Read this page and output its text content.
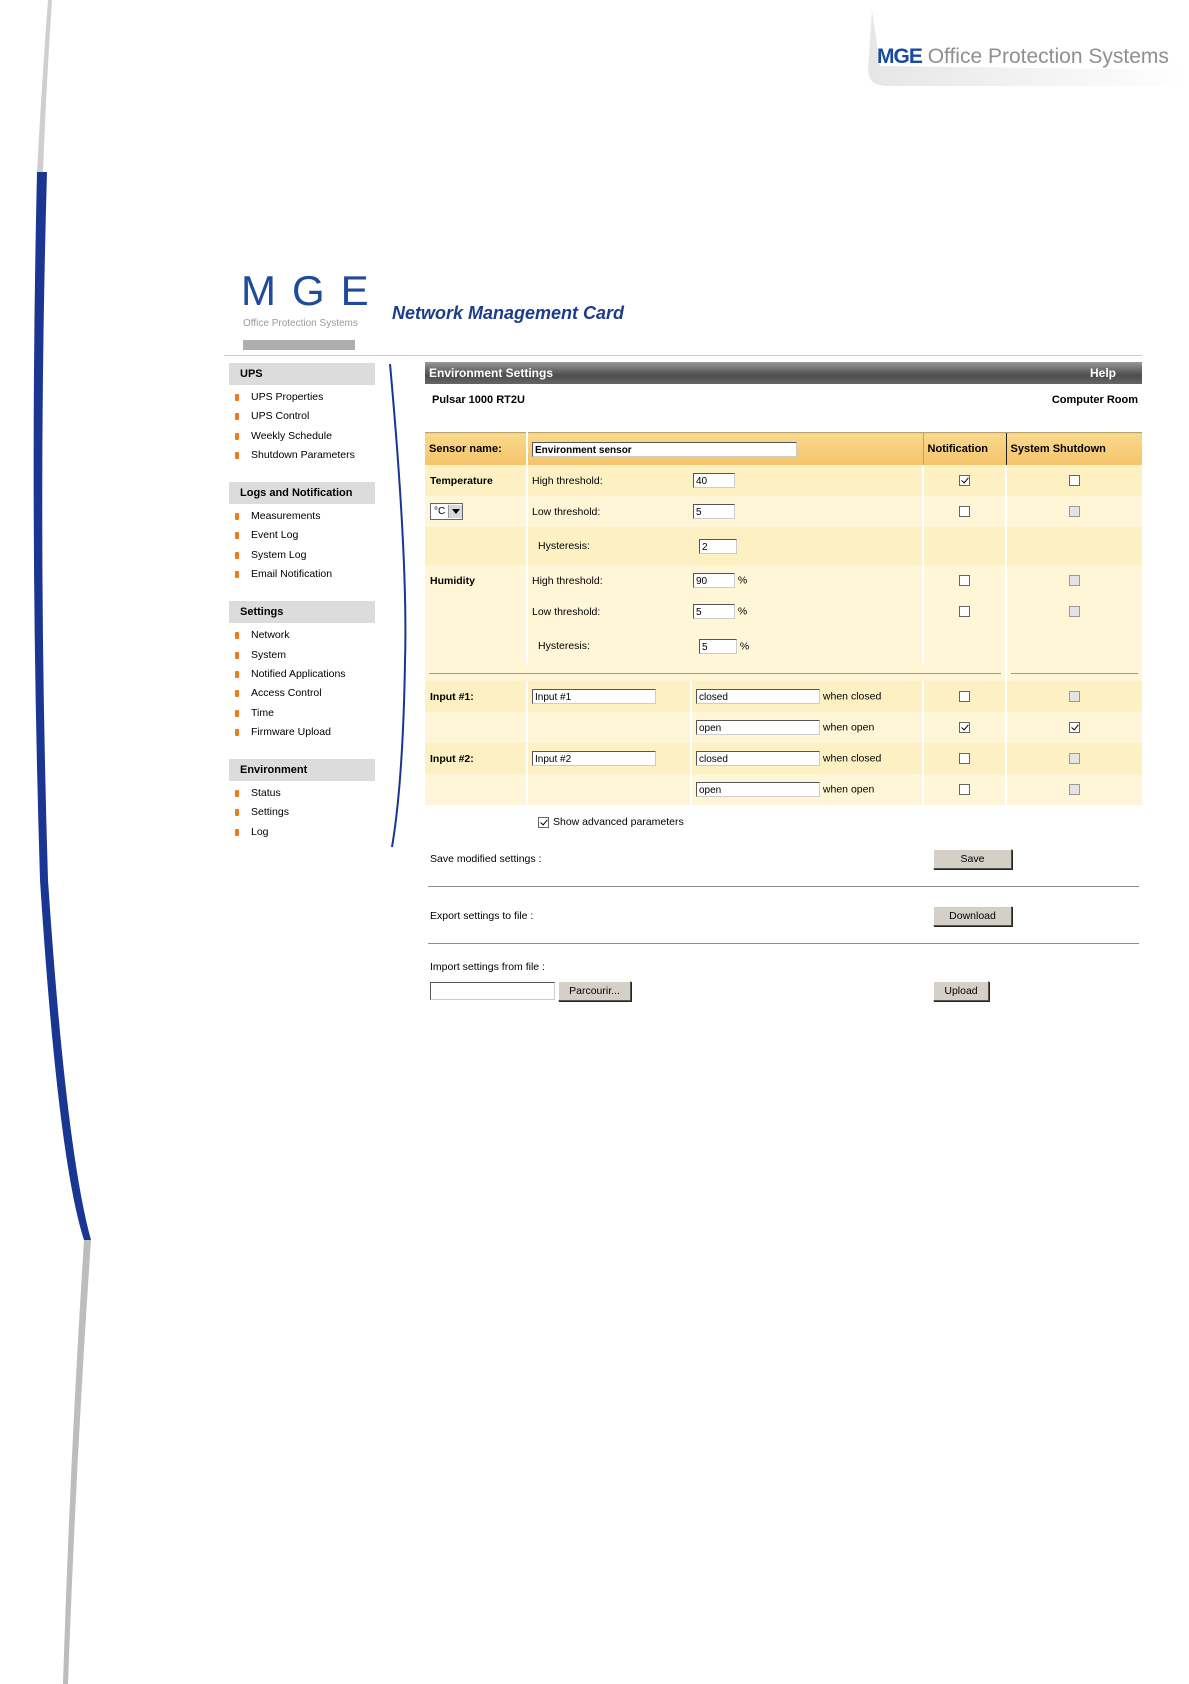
MGE Office Protection Systems
MGE
Office Protection Systems
Network Management Card
UPS
UPS Properties
UPS Control
Weekly Schedule
Shutdown Parameters
Logs and Notification
Measurements
Event Log
System Log
Email Notification
Settings
Network
System
Notified Applications
Access Control
Time
Firmware Upload
Environment
Status
Settings
Log
Environment Settings	Help
Pulsar 1000 RT2U	Computer Room
Sensor name:	Environment sensor			Notification	System Shutdown
Temperature	High threshold:	40			

°C	Low threshold:	5			
	Hysteresis:	2			
Humidity	High threshold:	90 %			
	Low threshold:	5 %			
	Hysteresis:	5 %			

Input #1:	Input #1	closed when closed			
		open when open			
Input #2:	Input #2	closed when closed			
		open when open			
Show advanced parameters
Save modified settings :	Save
Export settings to file :	Download
Import settings from file :
Parcourir...	Upload
